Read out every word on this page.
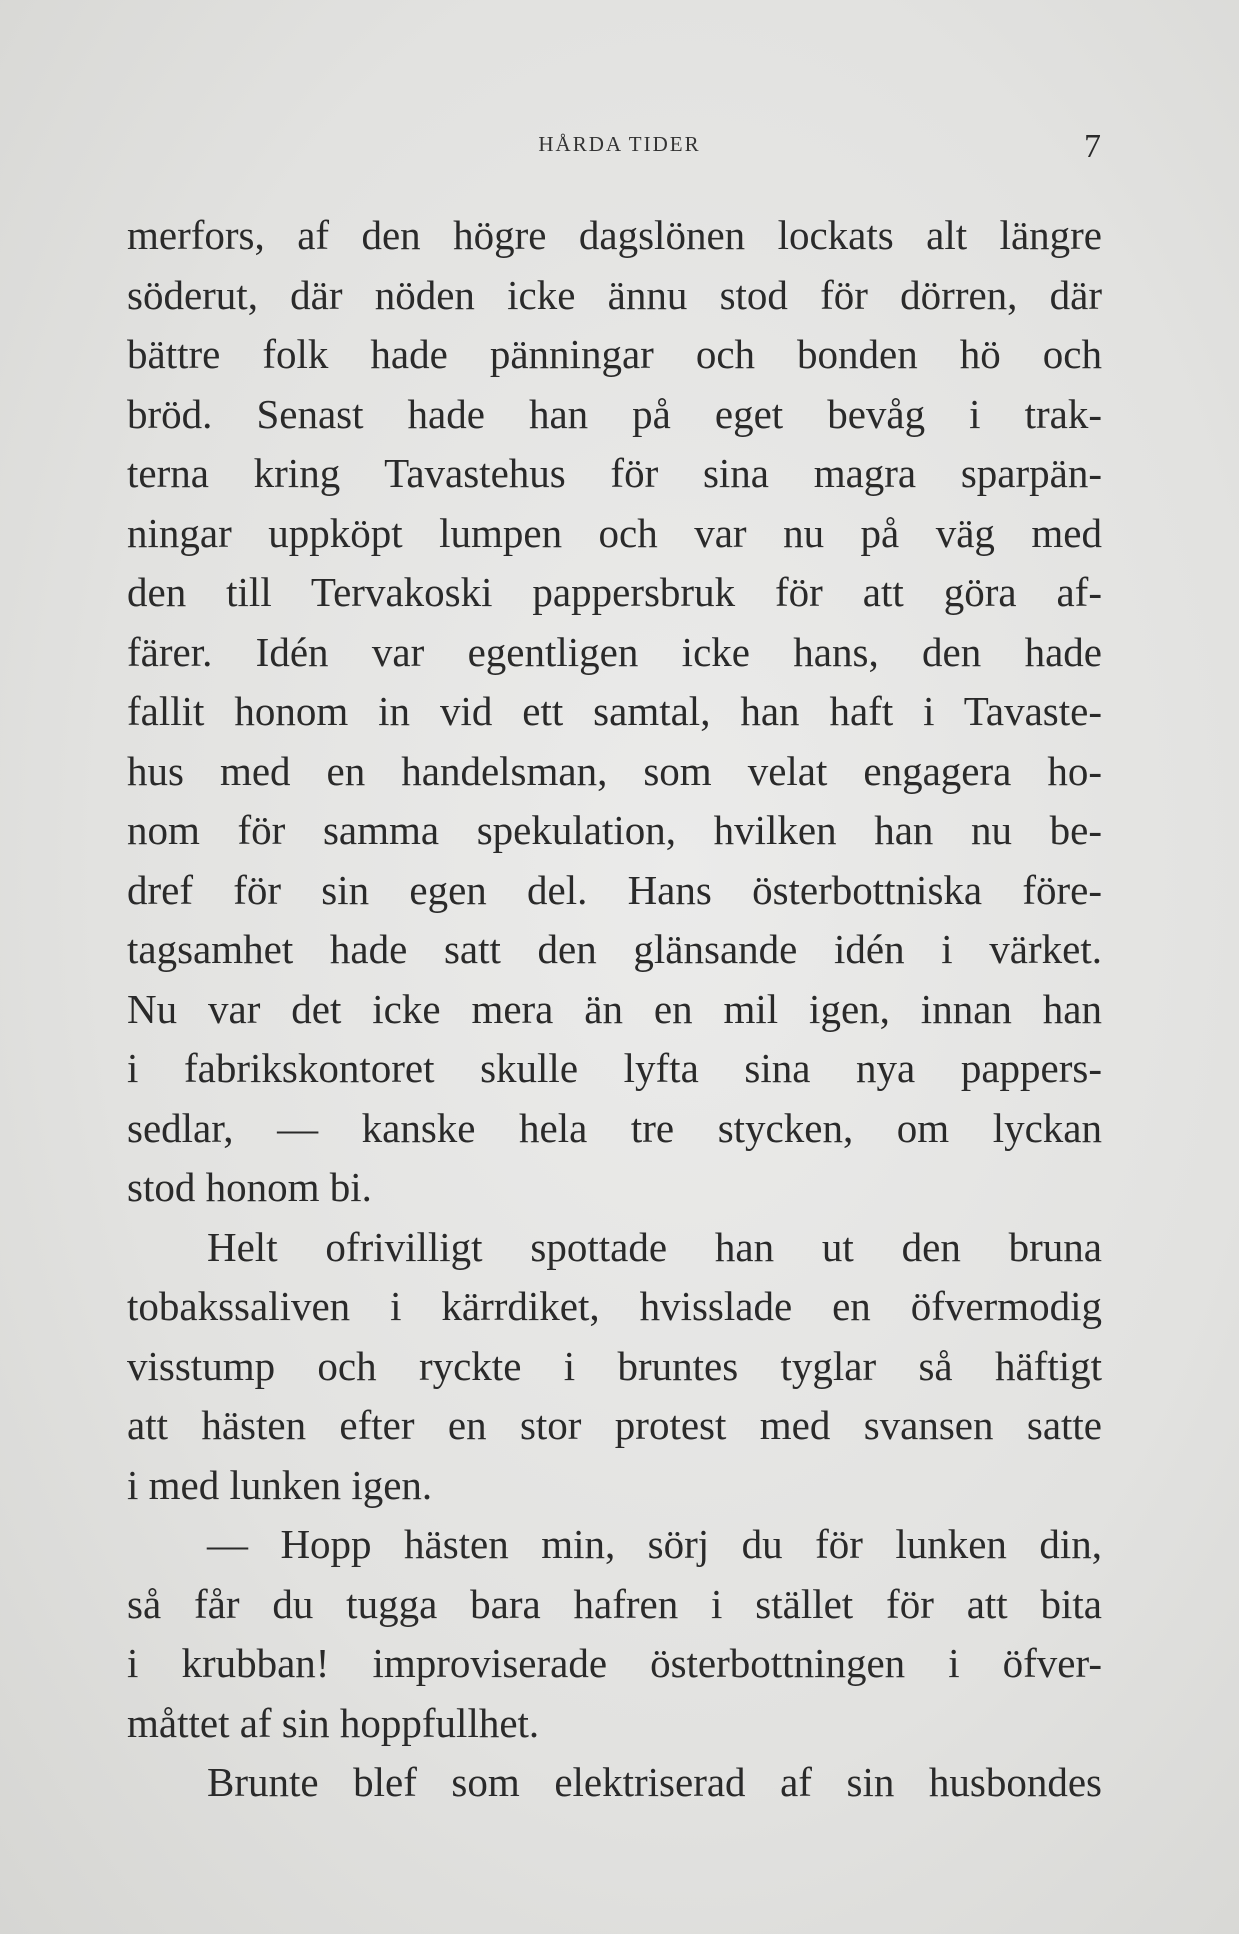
HÅRDA TIDER	7
merfors, af den högre dagslönen lockats alt längre
söderut, där nöden icke ännu stod för dörren, där
bättre folk hade pänningar och bonden hö och
bröd. Senast hade han på eget bevåg i trak-
terna kring Tavastehus för sina magra sparpän-
ningar uppköpt lumpen och var nu på väg med
den till Tervakoski pappersbruk för att göra af-
färer. Idén var egentligen icke hans, den hade
fallit honom in vid ett samtal, han haft i Tavaste-
hus med en handelsman, som velat engagera ho-
nom för samma spekulation, hvilken han nu be-
dref för sin egen del. Hans österbottniska före-
tagsamhet hade satt den glänsande idén i värket.
Nu var det icke mera än en mil igen, innan han
i fabrikskontoret skulle lyfta sina nya pappers-
sedlar, — kanske hela tre stycken, om lyckan
stod honom bi.
Helt ofrivilligt spottade han ut den bruna
tobakssaliven i kärrdiket, hvisslade en öfvermodig
visstump och ryckte i bruntes tyglar så häftigt
att hästen efter en stor protest med svansen satte
i med lunken igen.
— Hopp hästen min, sörj du för lunken din,
så får du tugga bara hafren i stället för att bita
i krubban! improviserade österbottningen i öfver-
måttet af sin hoppfullhet.
Brunte blef som elektriserad af sin husbondes
